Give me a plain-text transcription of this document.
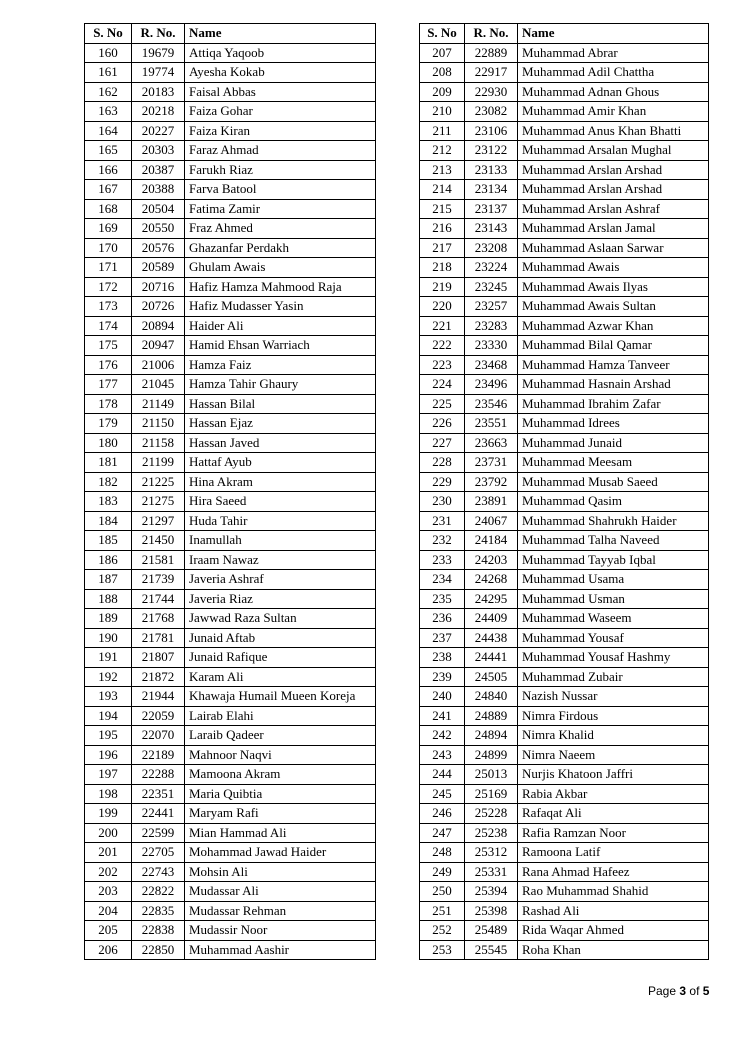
S. No	R. No.	Name
160	19679	Attiqa Yaqoob
161	19774	Ayesha Kokab
162	20183	Faisal Abbas
163	20218	Faiza Gohar
164	20227	Faiza Kiran
165	20303	Faraz Ahmad
166	20387	Farukh Riaz
167	20388	Farva Batool
168	20504	Fatima Zamir
169	20550	Fraz Ahmed
170	20576	Ghazanfar Perdakh
171	20589	Ghulam Awais
172	20716	Hafiz Hamza Mahmood Raja
173	20726	Hafiz Mudasser Yasin
174	20894	Haider Ali
175	20947	Hamid Ehsan Warriach
176	21006	Hamza Faiz
177	21045	Hamza Tahir Ghaury
178	21149	Hassan Bilal
179	21150	Hassan Ejaz
180	21158	Hassan Javed
181	21199	Hattaf Ayub
182	21225	Hina Akram
183	21275	Hira Saeed
184	21297	Huda Tahir
185	21450	Inamullah
186	21581	Iraam Nawaz
187	21739	Javeria Ashraf
188	21744	Javeria Riaz
189	21768	Jawwad Raza Sultan
190	21781	Junaid Aftab
191	21807	Junaid Rafique
192	21872	Karam Ali
193	21944	Khawaja Humail Mueen Koreja
194	22059	Lairab Elahi
195	22070	Laraib Qadeer
196	22189	Mahnoor Naqvi
197	22288	Mamoona Akram
198	22351	Maria Quibtia
199	22441	Maryam Rafi
200	22599	Mian Hammad Ali
201	22705	Mohammad Jawad Haider
202	22743	Mohsin Ali
203	22822	Mudassar Ali
204	22835	Mudassar Rehman
205	22838	Mudassir Noor
206	22850	Muhammad Aashir
S. No	R. No.	Name
207	22889	Muhammad Abrar
208	22917	Muhammad Adil Chattha
209	22930	Muhammad Adnan Ghous
210	23082	Muhammad Amir Khan
211	23106	Muhammad Anus Khan Bhatti
212	23122	Muhammad Arsalan Mughal
213	23133	Muhammad Arslan Arshad
214	23134	Muhammad Arslan Arshad
215	23137	Muhammad Arslan Ashraf
216	23143	Muhammad Arslan Jamal
217	23208	Muhammad Aslaan Sarwar
218	23224	Muhammad Awais
219	23245	Muhammad Awais Ilyas
220	23257	Muhammad Awais Sultan
221	23283	Muhammad Azwar Khan
222	23330	Muhammad Bilal Qamar
223	23468	Muhammad Hamza Tanveer
224	23496	Muhammad Hasnain Arshad
225	23546	Muhammad Ibrahim Zafar
226	23551	Muhammad Idrees
227	23663	Muhammad Junaid
228	23731	Muhammad Meesam
229	23792	Muhammad Musab Saeed
230	23891	Muhammad Qasim
231	24067	Muhammad Shahrukh Haider
232	24184	Muhammad Talha Naveed
233	24203	Muhammad Tayyab Iqbal
234	24268	Muhammad Usama
235	24295	Muhammad Usman
236	24409	Muhammad Waseem
237	24438	Muhammad Yousaf
238	24441	Muhammad Yousaf Hashmy
239	24505	Muhammad Zubair
240	24840	Nazish Nussar
241	24889	Nimra Firdous
242	24894	Nimra Khalid
243	24899	Nimra Naeem
244	25013	Nurjis Khatoon Jaffri
245	25169	Rabia Akbar
246	25228	Rafaqat Ali
247	25238	Rafia Ramzan Noor
248	25312	Ramoona Latif
249	25331	Rana Ahmad Hafeez
250	25394	Rao Muhammad Shahid
251	25398	Rashad Ali
252	25489	Rida Waqar Ahmed
253	25545	Roha Khan
Page 3 of 5
